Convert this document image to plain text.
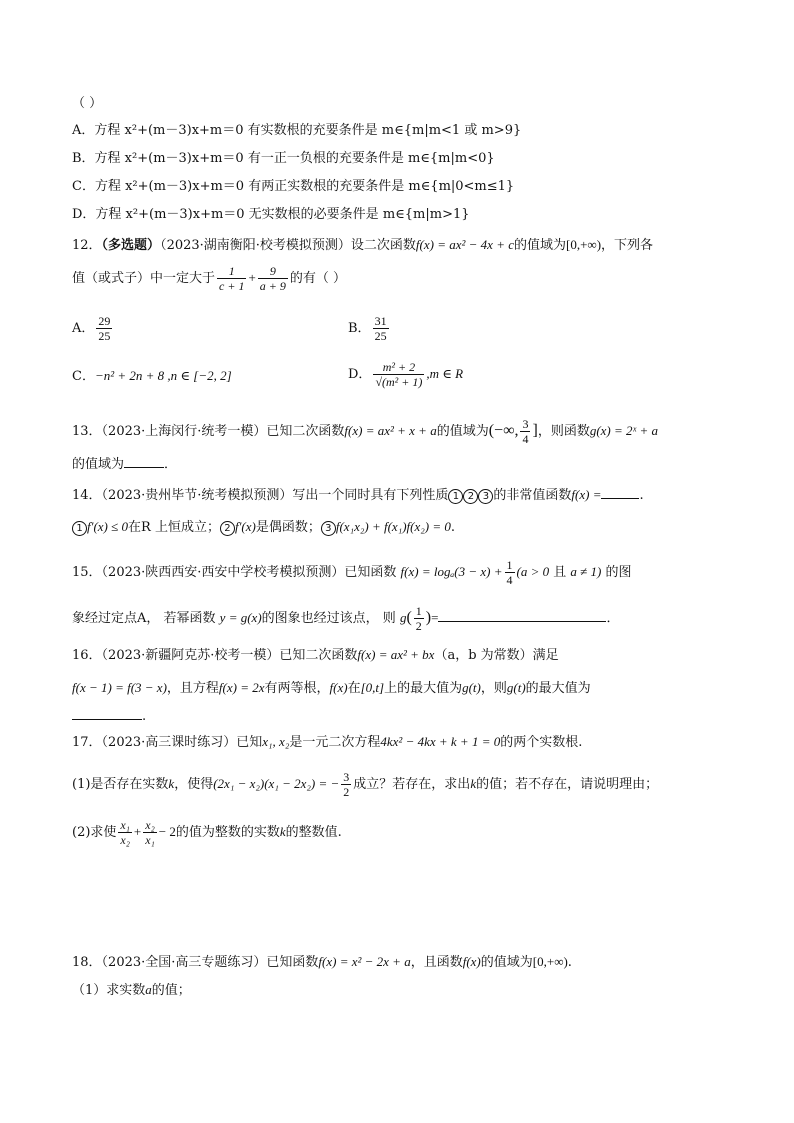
（ ）
A．方程 x²+(m－3)x+m＝0 有实数根的充要条件是 m∈{m|m<1 或 m>9}
B．方程 x²+(m－3)x+m＝0 有一正一负根的充要条件是 m∈{m|m<0}
C．方程 x²+(m－3)x+m＝0 有两正实数根的充要条件是 m∈{m|0<m≤1}
D．方程 x²+(m－3)x+m＝0 无实数根的必要条件是 m∈{m|m>1}
12．（多选题）（2023·湖南衡阳·校考模拟预测）设二次函数f(x) = ax² − 4x + c的值域为[0,+∞)，下列各
值（或式子）中一定大于 $\frac{1}{c + 1} + \frac{9}{a + 9}$ 的有（ ）
A． $\frac{29}{25}$	B． $\frac{31}{25}$
C．−n² + 2n + 8 ,n ∈ [−2, 2]	D． $\frac{\text{m² + 2}}{\text{√(m² + 1)}} ,m$ ∈ R
13．（2023·上海闵行·统考一模）已知二次函数f(x) = ax² + x + a的值域为(−∞, $\frac{3}{4}$ ]，则函数g(x) = 2ˣ + a
的值域为	．
14．（2023·贵州毕节·统考模拟预测）写出一个同时具有下列性质 1 2 3 的非常值函数f(x) =	.
1 f′(x) ≤ 0在R 上恒成立； 2 f′(x)是偶函数； 3 f(x₁x₂) + f(x₁)f(x₂) = 0.
15．（2023·陕西西安·西安中学校考模拟预测）已知函数 $f(x) = \log_a(3 - x) + \frac{1}{4} (a > 0$ 且 a ≠ 1) 的图
象经过定点A， 若幂函数 y = g(x)的图象也经过该点， 则 $g( \frac{1}{2}$ )=	．
16．（2023·新疆阿克苏·校考一模）已知二次函数f(x) = ax² + bx（a，b 为常数）满足
f(x − 1) = f(3 − x)，且方程f(x) = 2x有两等根，f(x)在[0,t]上的最大值为g(t)，则g(t)的最大值为
.
17．（2023·高三课时练习）已知x₁, x₂是一元二次方程4kx² − 4kx + k + 1 = 0的两个实数根.
(1)是否存在实数k，使得(2x₁ − x₂)(x₁ − 2x₂) = − $\frac{3}{2}$ 成立？若存在，求出k的值；若不存在，请说明理由；
(2)求使 $\frac{\text{x₁}}{\text{x₂}} + \frac{\text{x₂}}{\text{x₁}} - 2$的值为整数的实数k的整数值.
18．（2023·全国·高三专题练习）已知函数f(x) = x² − 2x + a，且函数f(x)的值域为[0,+∞).
（1）求实数a的值；
